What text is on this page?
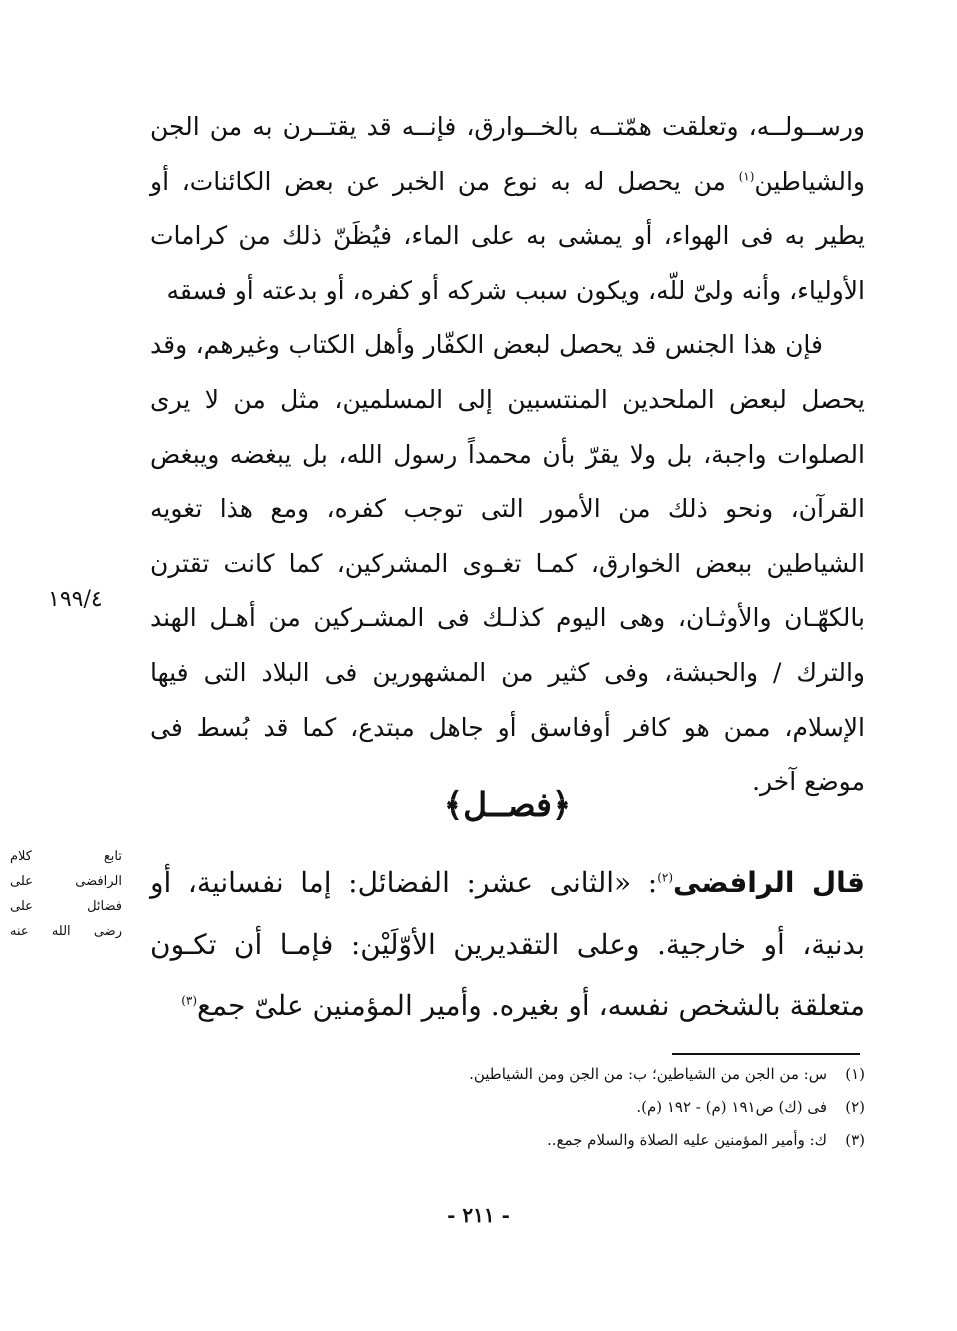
ورســولــه، وتعلقت همّتــه بالخــوارق، فإنــه قد يقتــرن به من الجن والشياطين$^{(١)}$ من يحصل له به نوع من الخبر عن بعض الكائنات، أو يطير به فى الهواء، أو يمشى به على الماء، فيُظَنّ ذلك من كرامات الأولياء، وأنه ولىّ للّه، ويكون سبب شركه أو كفره، أو بدعته أو فسقه

فإن هذا الجنس قد يحصل لبعض الكفّار وأهل الكتاب وغيرهم، وقد يحصل لبعض الملحدين المنتسبين إلى المسلمين، مثل من لا يرى الصلوات واجبة، بل ولا يقرّ بأن محمداً رسول الله، بل يبغضه ويبغض القرآن، ونحو ذلك من الأمور التى توجب كفره، ومع هذا تغويه الشياطين ببعض الخوارق، كمـا تغـوى المشركين، كما كانت تقترن بالكهّـان والأوثـان، وهى اليوم كذلـك فى المشـركين من أهـل الهند والترك / والحبشة، وفى كثير من المشهورين فى البلاد التى فيها الإسلام، ممن هو كافر أوفاسق أو جاهل مبتدع، كما قد بُسط فى موضع آخر.

١٩٩/٤
﴿فصــل﴾

قال الرافضى$^{(٢)}$: «الثانى عشر: الفضائل: إما نفسانية، أو بدنية، أو خارجية. وعلى التقديرين الأوّلَيْن: فإمـا أن تكـون متعلقة بالشخص نفسه، أو بغيره. وأمير المؤمنين علىّ جمع$^{(٣)}$

تابع كلام
الرافضى على
فضائل على
رضى الله عنه
(١)س: من الجن من الشياطين؛ ب: من الجن ومن الشياطين.
(٢)فى (ك) ص١٩١ (م) - ١٩٢ (م).
(٣)ك: وأمير المؤمنين عليه الصلاة والسلام جمع..
- ٢١١ -
